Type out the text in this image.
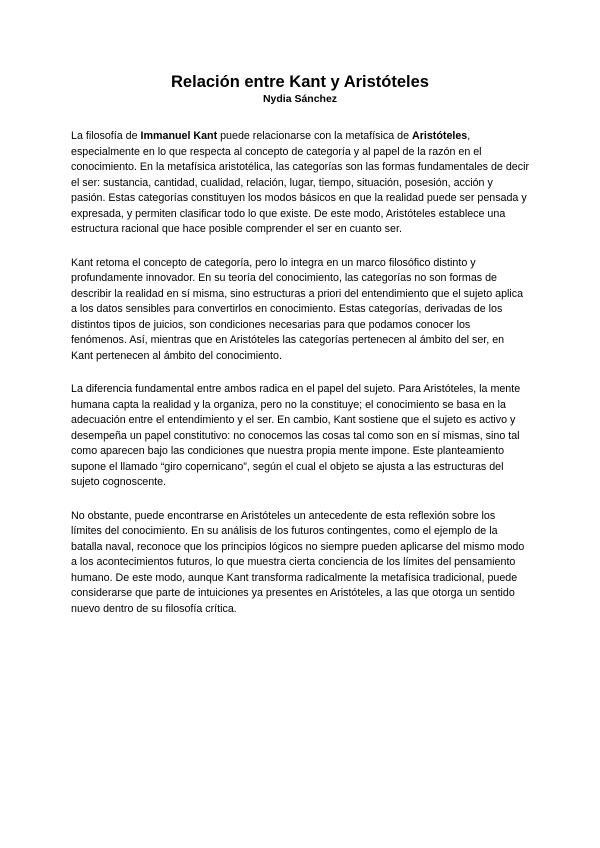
Relación entre Kant y Aristóteles
Nydia Sánchez

La filosofía de Immanuel Kant puede relacionarse con la metafísica de Aristóteles, especialmente en lo que respecta al concepto de categoría y al papel de la razón en el conocimiento. En la metafísica aristotélica, las categorías son las formas fundamentales de decir el ser: sustancia, cantidad, cualidad, relación, lugar, tiempo, situación, posesión, acción y pasión. Estas categorías constituyen los modos básicos en que la realidad puede ser pensada y expresada, y permiten clasificar todo lo que existe. De este modo, Aristóteles establece una estructura racional que hace posible comprender el ser en cuanto ser.

Kant retoma el concepto de categoría, pero lo integra en un marco filosófico distinto y profundamente innovador. En su teoría del conocimiento, las categorías no son formas de describir la realidad en sí misma, sino estructuras a priori del entendimiento que el sujeto aplica a los datos sensibles para convertirlos en conocimiento. Estas categorías, derivadas de los distintos tipos de juicios, son condiciones necesarias para que podamos conocer los fenómenos. Así, mientras que en Aristóteles las categorías pertenecen al ámbito del ser, en Kant pertenecen al ámbito del conocimiento.

La diferencia fundamental entre ambos radica en el papel del sujeto. Para Aristóteles, la mente humana capta la realidad y la organiza, pero no la constituye; el conocimiento se basa en la adecuación entre el entendimiento y el ser. En cambio, Kant sostiene que el sujeto es activo y desempeña un papel constitutivo: no conocemos las cosas tal como son en sí mismas, sino tal como aparecen bajo las condiciones que nuestra propia mente impone. Este planteamiento supone el llamado “giro copernicano”, según el cual el objeto se ajusta a las estructuras del sujeto cognoscente.

No obstante, puede encontrarse en Aristóteles un antecedente de esta reflexión sobre los límites del conocimiento. En su análisis de los futuros contingentes, como el ejemplo de la batalla naval, reconoce que los principios lógicos no siempre pueden aplicarse del mismo modo a los acontecimientos futuros, lo que muestra cierta conciencia de los límites del pensamiento humano. De este modo, aunque Kant transforma radicalmente la metafísica tradicional, puede considerarse que parte de intuiciones ya presentes en Aristóteles, a las que otorga un sentido nuevo dentro de su filosofía crítica.
